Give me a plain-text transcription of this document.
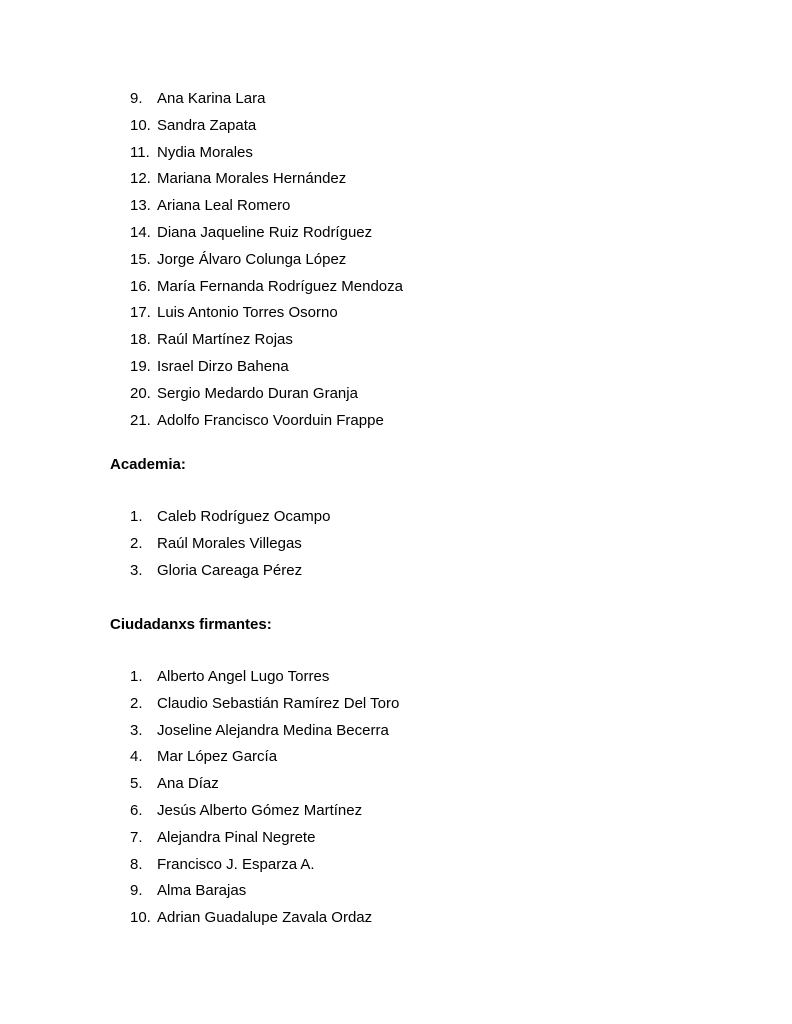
9. Ana Karina Lara
10. Sandra Zapata
11. Nydia Morales
12. Mariana Morales Hernández
13. Ariana Leal Romero
14. Diana Jaqueline Ruiz Rodríguez
15. Jorge Álvaro Colunga López
16. María Fernanda Rodríguez Mendoza
17. Luis Antonio Torres Osorno
18. Raúl Martínez Rojas
19. Israel Dirzo Bahena
20. Sergio Medardo Duran Granja
21. Adolfo Francisco Voorduin Frappe
Academia:
1. Caleb Rodríguez Ocampo
2. Raúl Morales Villegas
3. Gloria Careaga Pérez
Ciudadanxs firmantes:
1. Alberto Angel Lugo Torres
2. Claudio Sebastián Ramírez Del Toro
3. Joseline Alejandra Medina Becerra
4. Mar López García
5. Ana Díaz
6. Jesús Alberto Gómez Martínez
7. Alejandra Pinal Negrete
8. Francisco J. Esparza A.
9. Alma Barajas
10. Adrian Guadalupe Zavala Ordaz
